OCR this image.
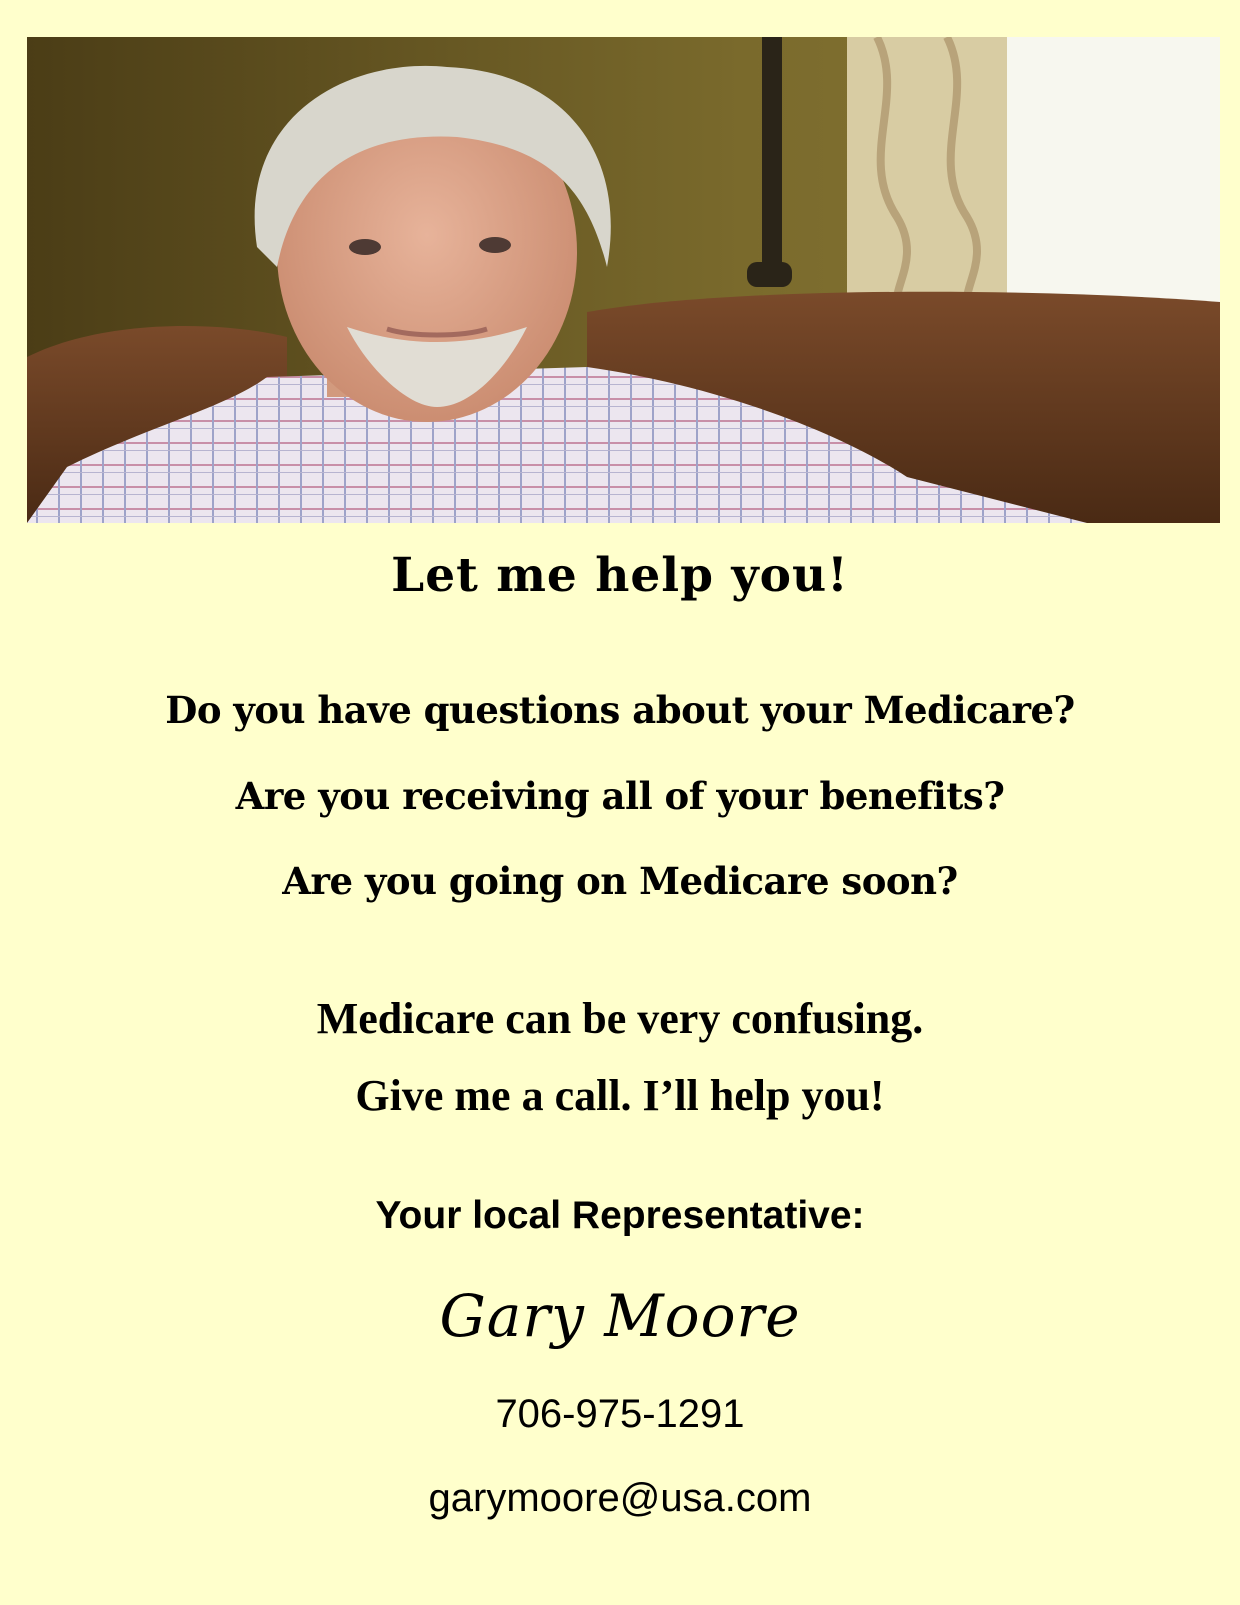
Let me help you!
Do you have questions about your Medicare?
Are you receiving all of your benefits?
Are you going on Medicare soon?
Medicare can be very confusing.
Give me a call. I’ll help you!
Your local Representative:
Gary Moore
706-975-1291
garymoore@usa.com
